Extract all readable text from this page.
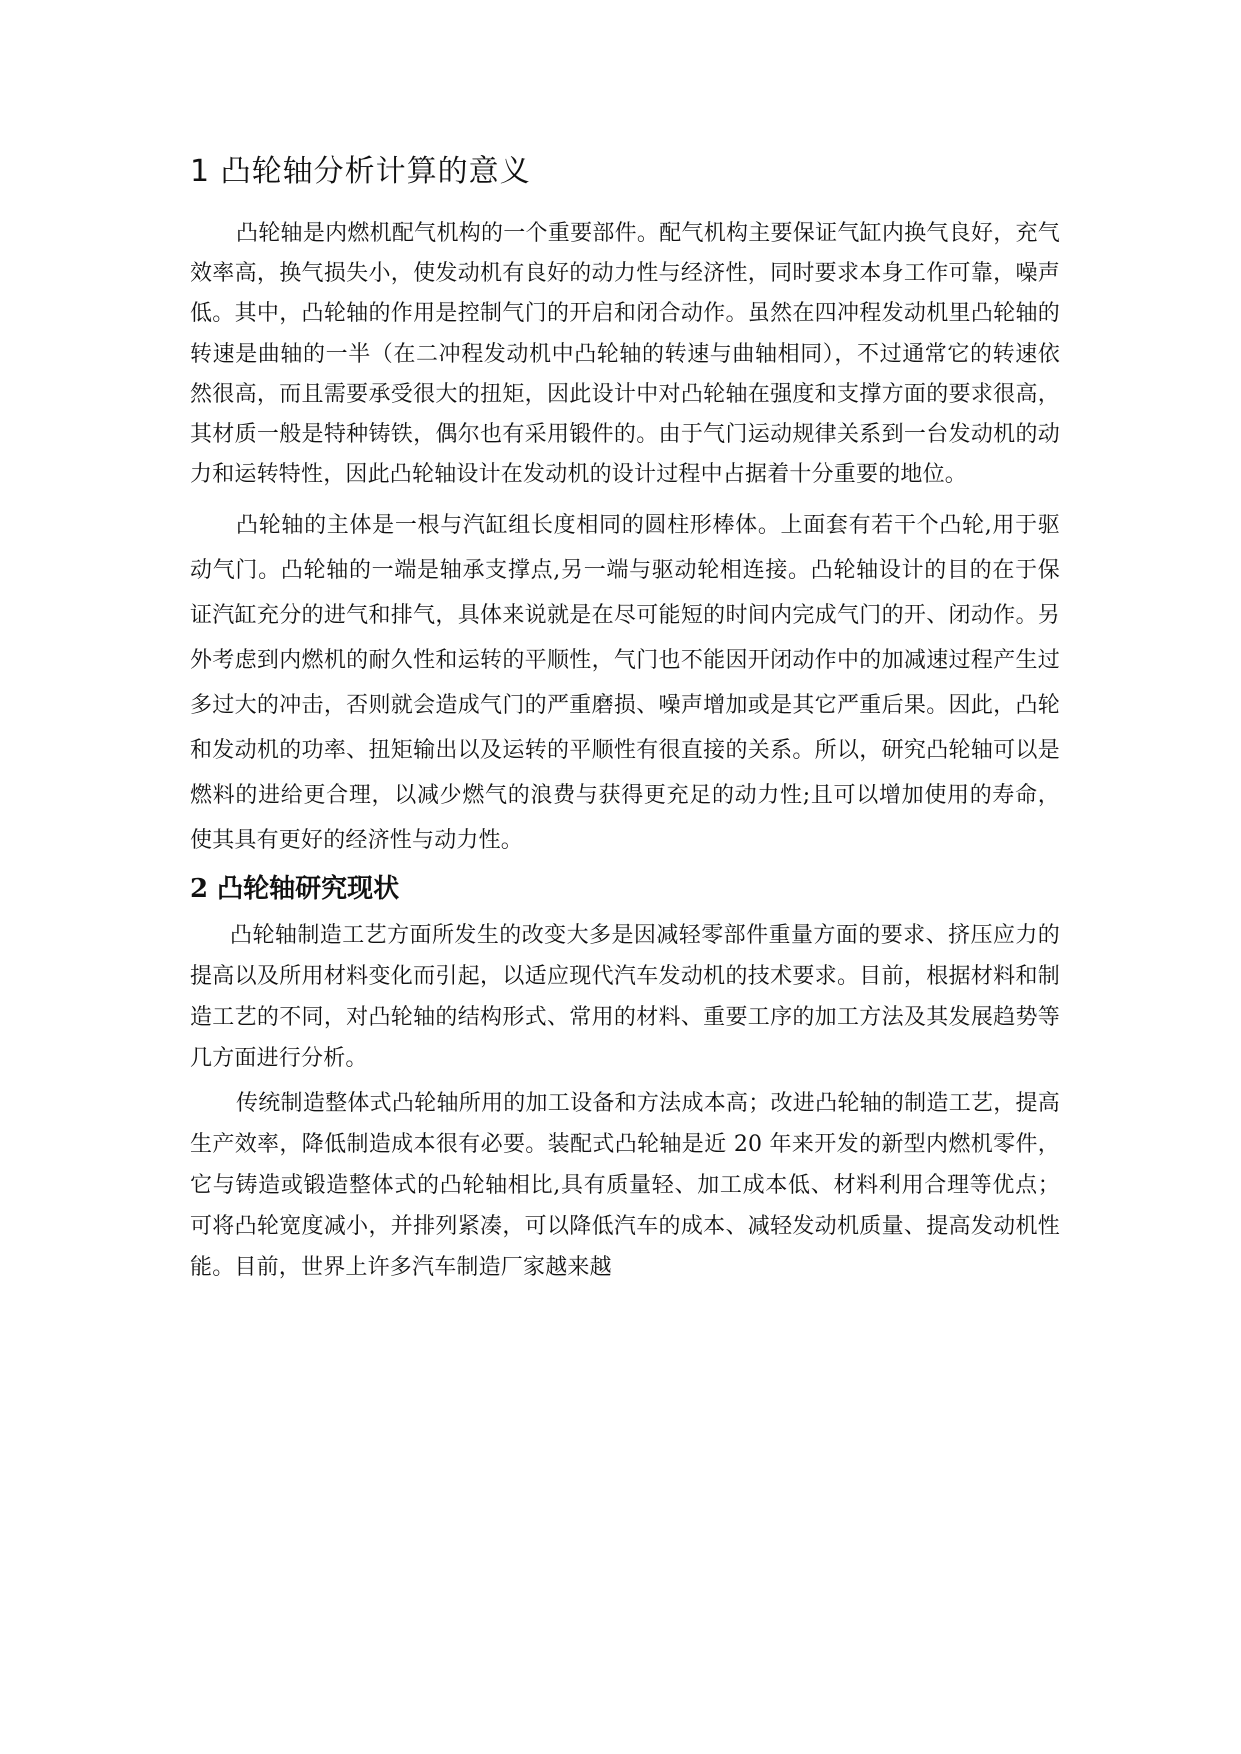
1 凸轮轴分析计算的意义

凸轮轴是内燃机配气机构的一个重要部件。配气机构主要保证气缸内换气良好，充气效率高，换气损失小，使发动机有良好的动力性与经济性，同时要求本身工作可靠，噪声低。其中，凸轮轴的作用是控制气门的开启和闭合动作。虽然在四冲程发动机里凸轮轴的转速是曲轴的一半（在二冲程发动机中凸轮轴的转速与曲轴相同），不过通常它的转速依然很高，而且需要承受很大的扭矩，因此设计中对凸轮轴在强度和支撑方面的要求很高，其材质一般是特种铸铁，偶尔也有采用锻件的。由于气门运动规律关系到一台发动机的动力和运转特性，因此凸轮轴设计在发动机的设计过程中占据着十分重要的地位。

凸轮轴的主体是一根与汽缸组长度相同的圆柱形棒体。上面套有若干个凸轮,用于驱动气门。凸轮轴的一端是轴承支撑点,另一端与驱动轮相连接。凸轮轴设计的目的在于保证汽缸充分的进气和排气，具体来说就是在尽可能短的时间内完成气门的开、闭动作。另外考虑到内燃机的耐久性和运转的平顺性，气门也不能因开闭动作中的加减速过程产生过多过大的冲击，否则就会造成气门的严重磨损、噪声增加或是其它严重后果。因此，凸轮和发动机的功率、扭矩输出以及运转的平顺性有很直接的关系。所以，研究凸轮轴可以是燃料的进给更合理，以减少燃气的浪费与获得更充足的动力性;且可以增加使用的寿命，使其具有更好的经济性与动力性。

2 凸轮轴研究现状

凸轮轴制造工艺方面所发生的改变大多是因减轻零部件重量方面的要求、挤压应力的提高以及所用材料变化而引起，以适应现代汽车发动机的技术要求。目前，根据材料和制造工艺的不同，对凸轮轴的结构形式、常用的材料、重要工序的加工方法及其发展趋势等几方面进行分析。

传统制造整体式凸轮轴所用的加工设备和方法成本高；改进凸轮轴的制造工艺，提高生产效率，降低制造成本很有必要。装配式凸轮轴是近 20 年来开发的新型内燃机零件，它与铸造或锻造整体式的凸轮轴相比,具有质量轻、加工成本低、材料利用合理等优点；可将凸轮宽度减小，并排列紧凑，可以降低汽车的成本、减轻发动机质量、提高发动机性能。目前，世界上许多汽车制造厂家越来越
